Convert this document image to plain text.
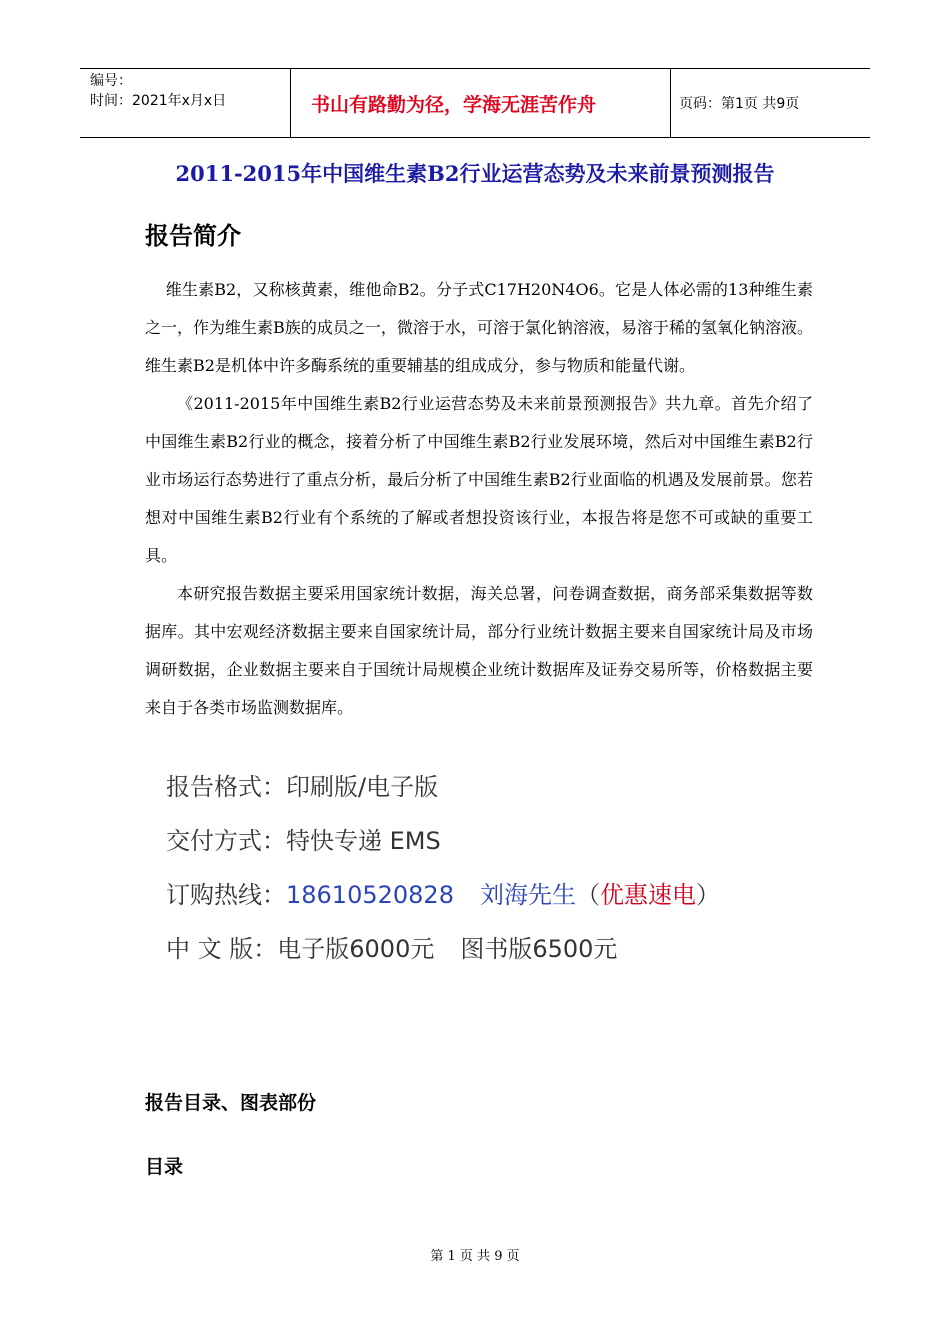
编号：
时间：2021年x月x日	书山有路勤为径，学海无涯苦作舟	页码：第1页 共9页
2011-2015年中国维生素B2行业运营态势及未来前景预测报告
报告简介

维生素B2，又称核黄素，维他命B2。分子式C17H20N4O6。它是人体必需的13种维生素之一，作为维生素B族的成员之一，微溶于水，可溶于氯化钠溶液，易溶于稀的氢氧化钠溶液。维生素B2是机体中许多酶系统的重要辅基的组成成分，参与物质和能量代谢。

《2011-2015年中国维生素B2行业运营态势及未来前景预测报告》共九章。首先介绍了中国维生素B2行业的概念，接着分析了中国维生素B2行业发展环境，然后对中国维生素B2行业市场运行态势进行了重点分析，最后分析了中国维生素B2行业面临的机遇及发展前景。您若想对中国维生素B2行业有个系统的了解或者想投资该行业，本报告将是您不可或缺的重要工具。

本研究报告数据主要采用国家统计数据，海关总署，问卷调查数据，商务部采集数据等数据库。其中宏观经济数据主要来自国家统计局，部分行业统计数据主要来自国家统计局及市场调研数据，企业数据主要来自于国统计局规模企业统计数据库及证券交易所等，价格数据主要来自于各类市场监测数据库。

报告格式：印刷版/电子版
交付方式：特快专递 EMS
订购热线：18610520828 刘海先生（优惠速电）
中 文 版：电子版6000元 图书版6500元
报告目录、图表部份
目录
第 1 页 共 9 页
